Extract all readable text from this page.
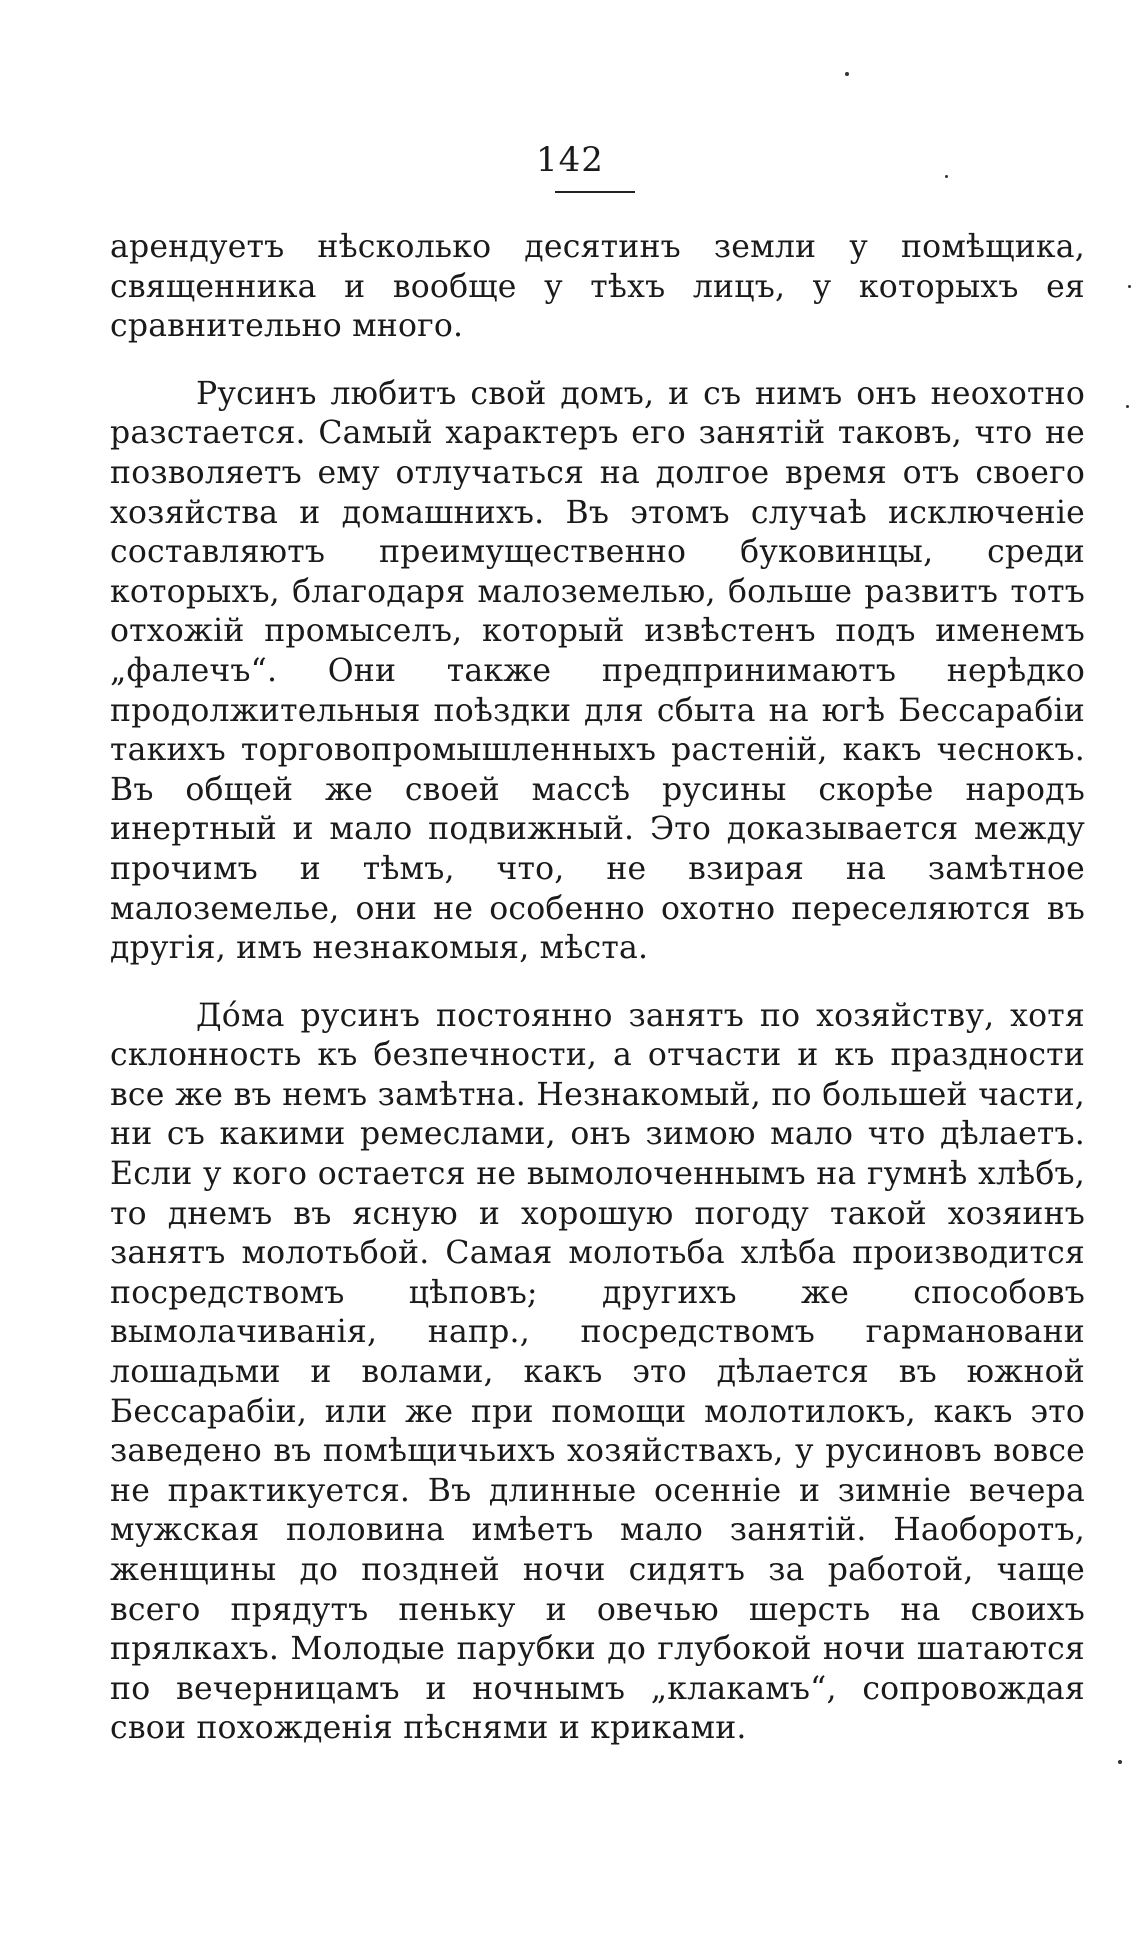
142

арендуетъ нѣсколько десятинъ земли у помѣщика, священника и вообще у тѣхъ лицъ, у которыхъ ея сравнительно много.

Русинъ любитъ свой домъ, и съ нимъ онъ неохотно разстается. Самый характеръ его занятій таковъ, что не позволяетъ ему отлучаться на долгое время отъ своего хозяйства и домашнихъ. Въ этомъ случаѣ исключеніе составляютъ преимущественно буковинцы, среди которыхъ, благодаря малоземелью, больше развитъ тотъ отхожій промыселъ, который извѣстенъ подъ именемъ „фалечъ“. Они также предпринимаютъ нерѣдко продолжительныя поѣздки для сбыта на югѣ Бессарабіи такихъ торговопромышленныхъ растеній, какъ чеснокъ. Въ общей же своей массѣ русины скорѣе народъ инертный и мало подвижный. Это доказывается между прочимъ и тѣмъ, что, не взирая на замѣтное малоземелье, они не особенно охотно переселяются въ другія, имъ незнакомыя, мѣста.

Дóма русинъ постоянно занятъ по хозяйству, хотя склонность къ безпечности, а отчасти и къ праздности все же въ немъ замѣтна. Незнакомый, по большей части, ни съ какими ремеслами, онъ зимою мало что дѣлаетъ. Если у кого остается не вымолоченнымъ на гумнѣ хлѣбъ, то днемъ въ ясную и хорошую погоду такой хозяинъ занятъ молотьбой. Самая молотьба хлѣба производится посредствомъ цѣповъ; другихъ же способовъ вымолачиванія, напр., посредствомъ гармановани лошадьми и волами, какъ это дѣлается въ южной Бессарабіи, или же при помощи молотилокъ, какъ это заведено въ помѣщичьихъ хозяйствахъ, у русиновъ вовсе не практикуется. Въ длинные осенніе и зимніе вечера мужская половина имѣетъ мало занятій. Наоборотъ, женщины до поздней ночи сидятъ за работой, чаще всего прядутъ пеньку и овечью шерсть на своихъ прялкахъ. Молодые парубки до глубокой ночи шатаются по вечерницамъ и ночнымъ „клакамъ“, сопровождая свои похожденія пѣснями и криками.
